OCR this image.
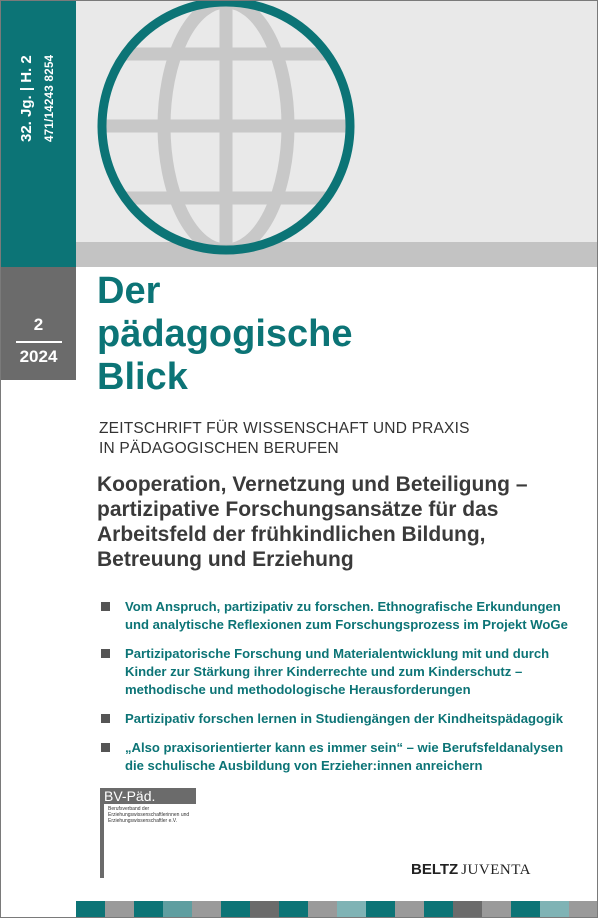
32. Jg. | H. 2 471/14243 8254
2
2024
Der
pädagogische
Blick
ZEITSCHRIFT FÜR WISSENSCHAFT UND PRAXIS
IN PÄDAGOGISCHEN BERUFEN
Kooperation, Vernetzung und Beteiligung –
partizipative Forschungsansätze für das
Arbeitsfeld der frühkindlichen Bildung,
Betreuung und Erziehung
Vom Anspruch, partizipativ zu forschen. Ethnografische Erkundungen und analytische Reflexionen zum Forschungsprozess im Projekt WoGe
Partizipatorische Forschung und Materialentwicklung mit und durch Kinder zur Stärkung ihrer Kinderrechte und zum Kinderschutz – methodische und methodologische Herausforderungen
Partizipativ forschen lernen in Studiengängen der Kindheitspädagogik
„Also praxisorientierter kann es immer sein“ – wie Berufsfeldanalysen die schulische Ausbildung von Erzieher:innen anreichern
BV-Päd.
Berufsverband der Erziehungswissenschaftlerinnen und Erziehungswissenschaftler e.V.
BELTZ JUVENTA
